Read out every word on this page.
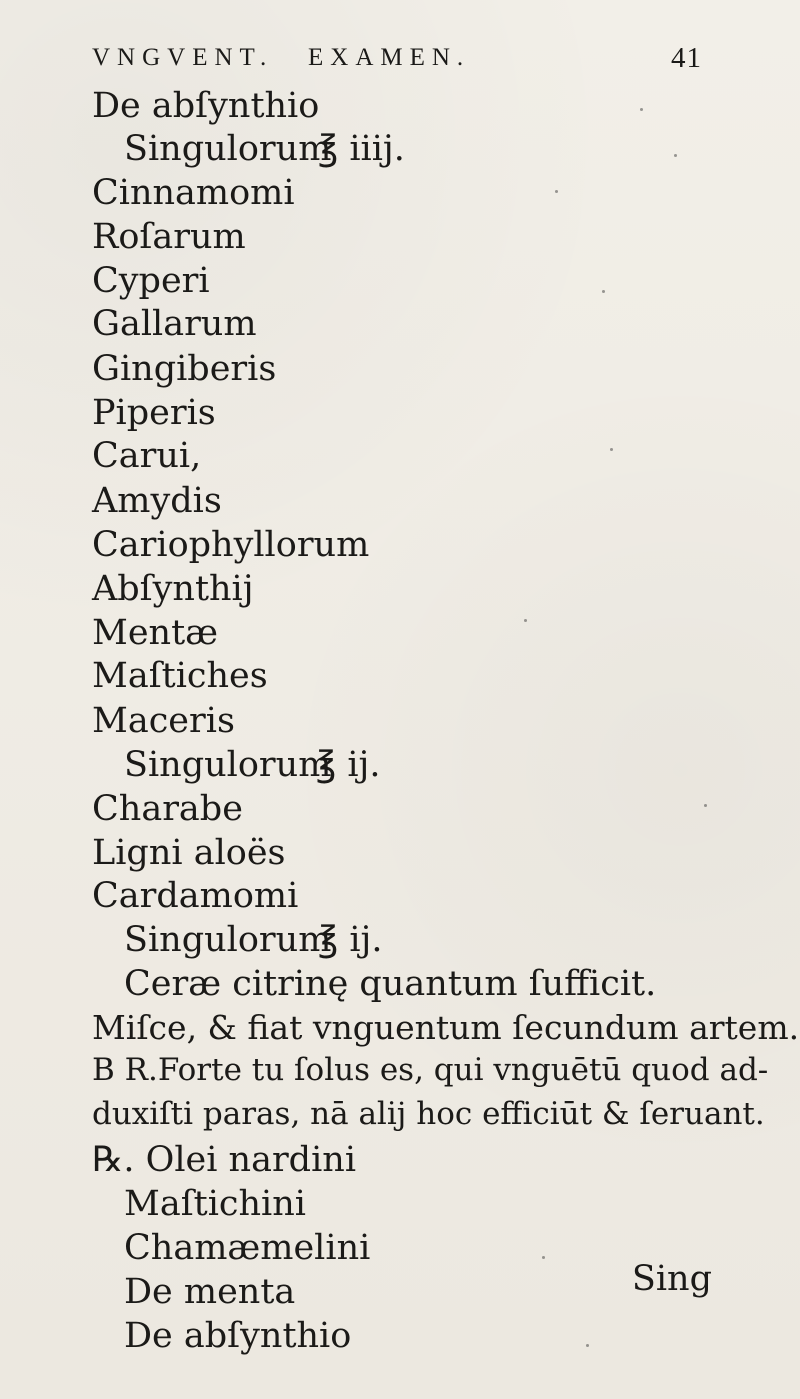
VNGVENT. EXAMEN.	41
De abſynthio
Singulorum
℥ iiij.
Cinnamomi
Roſarum
Cyperi
Gallarum
Gingiberis
Piperis
Carui,
Amydis
Cariophyllorum
Abſynthij
Mentæ
Maſtiches
Maceris
Singulorum
℥ ij.
Charabe
Ligni aloës
Cardamomi
Singulorum
℥ ij.
Ceræ citrinę quantum ſufficit.
Miſce, & fiat vnguentum ſecundum artem.
B R.Forte tu ſolus es, qui vnguētū quod ad-
duxiſti paras, nā alij hoc efficiūt & ſeruant.
℞. Olei nardini
Maſtichini
Chamæmelini
De menta
De abſynthio
Sing
